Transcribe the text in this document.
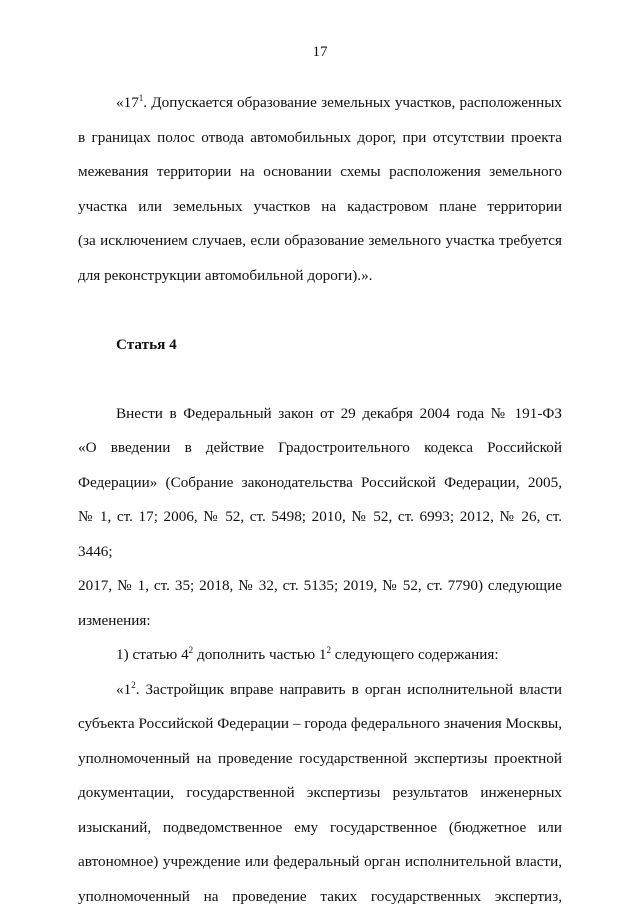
17
«$17^1$. Допускается образование земельных участков, расположенных
в границах полос отвода автомобильных дорог, при отсутствии проекта
межевания территории на основании схемы расположения земельного
участка или земельных участков на кадастровом плане территории
(за исключением случаев, если образование земельного участка требуется
для реконструкции автомобильной дороги).».
Статья 4
Внести в Федеральный закон от 29 декабря 2004 года № 191-ФЗ
«О введении в действие Градостроительного кодекса Российской
Федерации» (Собрание законодательства Российской Федерации, 2005,
№ 1, ст. 17; 2006, № 52, ст. 5498; 2010, № 52, ст. 6993; 2012, № 26, ст. 3446;
2017, № 1, ст. 35; 2018, № 32, ст. 5135; 2019, № 52, ст. 7790) следующие
изменения:
1) статью $4^2$ дополнить частью $1^2$ следующего содержания:
«$1^2$. Застройщик вправе направить в орган исполнительной власти
субъекта Российской Федерации – города федерального значения Москвы,
уполномоченный на проведение государственной экспертизы проектной
документации, государственной экспертизы результатов инженерных
изысканий, подведомственное ему государственное (бюджетное или
автономное) учреждение или федеральный орган исполнительной власти,
уполномоченный на проведение таких государственных экспертиз,
